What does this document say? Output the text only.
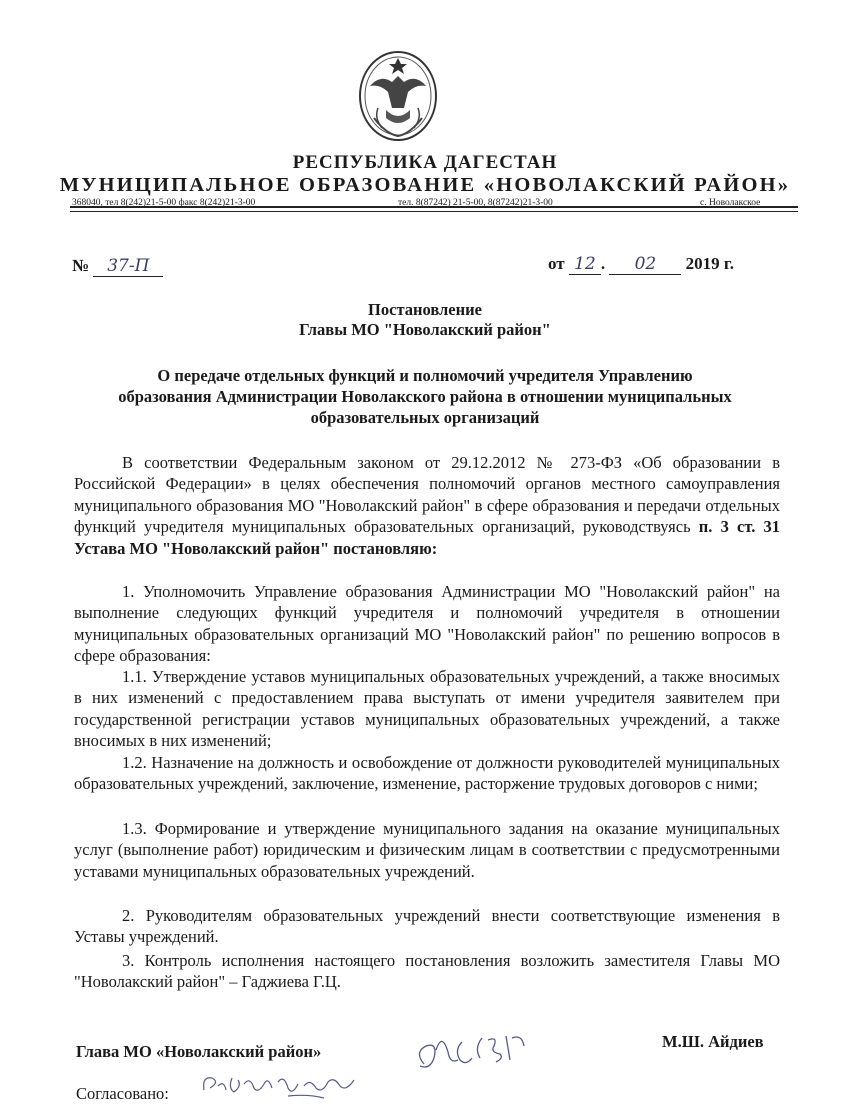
РЕСПУБЛИКА ДАГЕСТАН
МУНИЦИПАЛЬНОЕ ОБРАЗОВАНИЕ «НОВОЛАКСКИЙ РАЙОН»
368040, тел 8(242)21-5-00 факс 8(242)21-3-00	тел. 8(87242) 21-5-00, 8(87242)21-3-00	с. Новолакское
№ 37-П	от 12 . 02 2019 г.
Постановление
Главы МО "Новолакский район"
О передаче отдельных функций и полномочий учредителя Управлению
образования Администрации Новолакского района в отношении муниципальных
образовательных организаций
В соответствии Федеральным законом от 29.12.2012 № 273-ФЗ «Об образовании в Российской Федерации» в целях обеспечения полномочий органов местного самоуправления муниципального образования МО "Новолакский район" в сфере образования и передачи отдельных функций учредителя муниципальных образовательных организаций, руководствуясь п. 3 ст. 31 Устава МО "Новолакский район" постановляю:
1. Уполномочить Управление образования Администрации МО "Новолакский район" на выполнение следующих функций учредителя и полномочий учредителя в отношении муниципальных образовательных организаций МО "Новолакский район" по решению вопросов в сфере образования:
1.1. Утверждение уставов муниципальных образовательных учреждений, а также вносимых в них изменений с предоставлением права выступать от имени учредителя заявителем при государственной регистрации уставов муниципальных образовательных учреждений, а также вносимых в них изменений;
1.2. Назначение на должность и освобождение от должности руководителей муниципальных образовательных учреждений, заключение, изменение, расторжение трудовых договоров с ними;
1.3. Формирование и утверждение муниципального задания на оказание муниципальных услуг (выполнение работ) юридическим и физическим лицам в соответствии с предусмотренными уставами муниципальных образовательных учреждений.
2. Руководителям образовательных учреждений внести соответствующие изменения в Уставы учреждений.
3. Контроль исполнения настоящего постановления возложить заместителя Главы МО "Новолакский район" – Гаджиева Г.Ц.
Глава МО «Новолакский район»
М.Ш. Айдиев
Согласовано:
